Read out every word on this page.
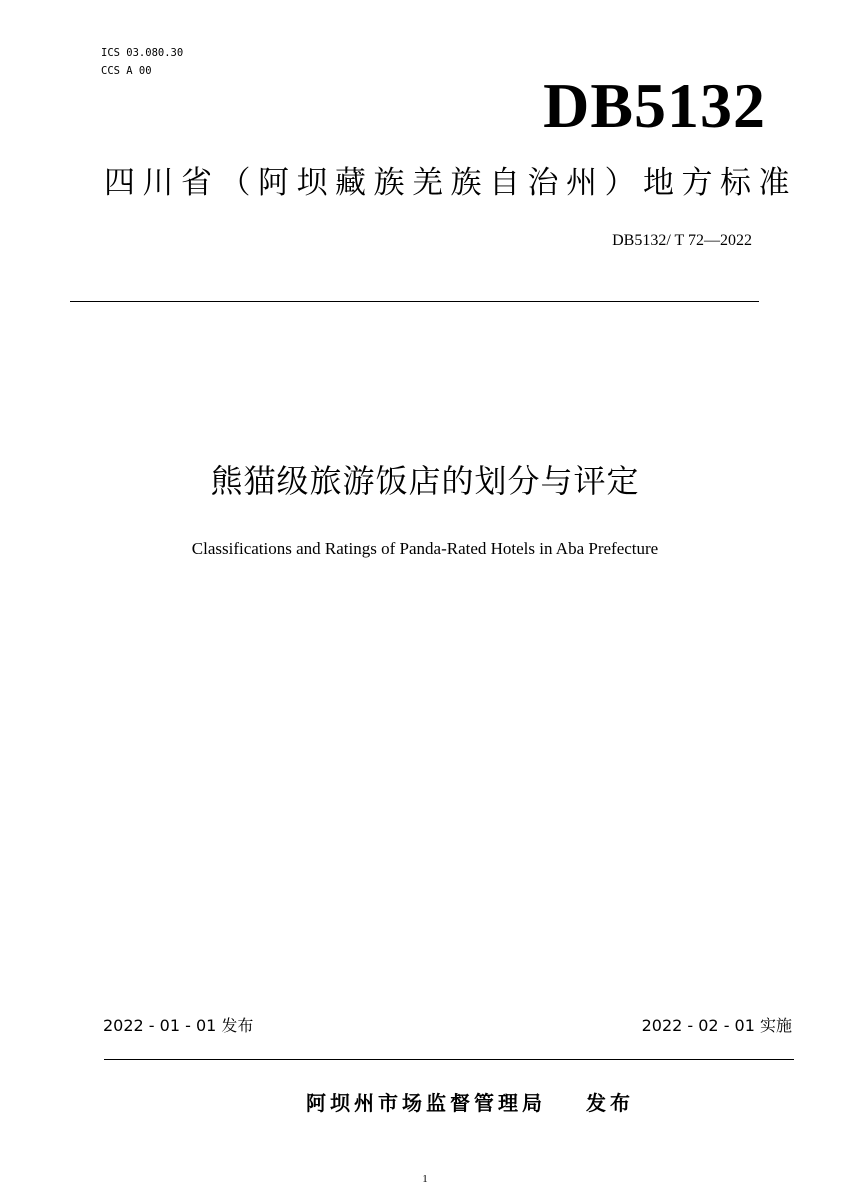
ICS 03.080.30
CCS A 00	DB5132
四川省（阿坝藏族羌族自治州）地方标准
DB5132/ T 72—2022
熊猫级旅游饭店的划分与评定
Classifications and Ratings of Panda-Rated Hotels in Aba Prefecture
2022 - 01 - 01 发布	2022 - 02 - 01 实施
阿坝州市场监督管理局 发布
1
